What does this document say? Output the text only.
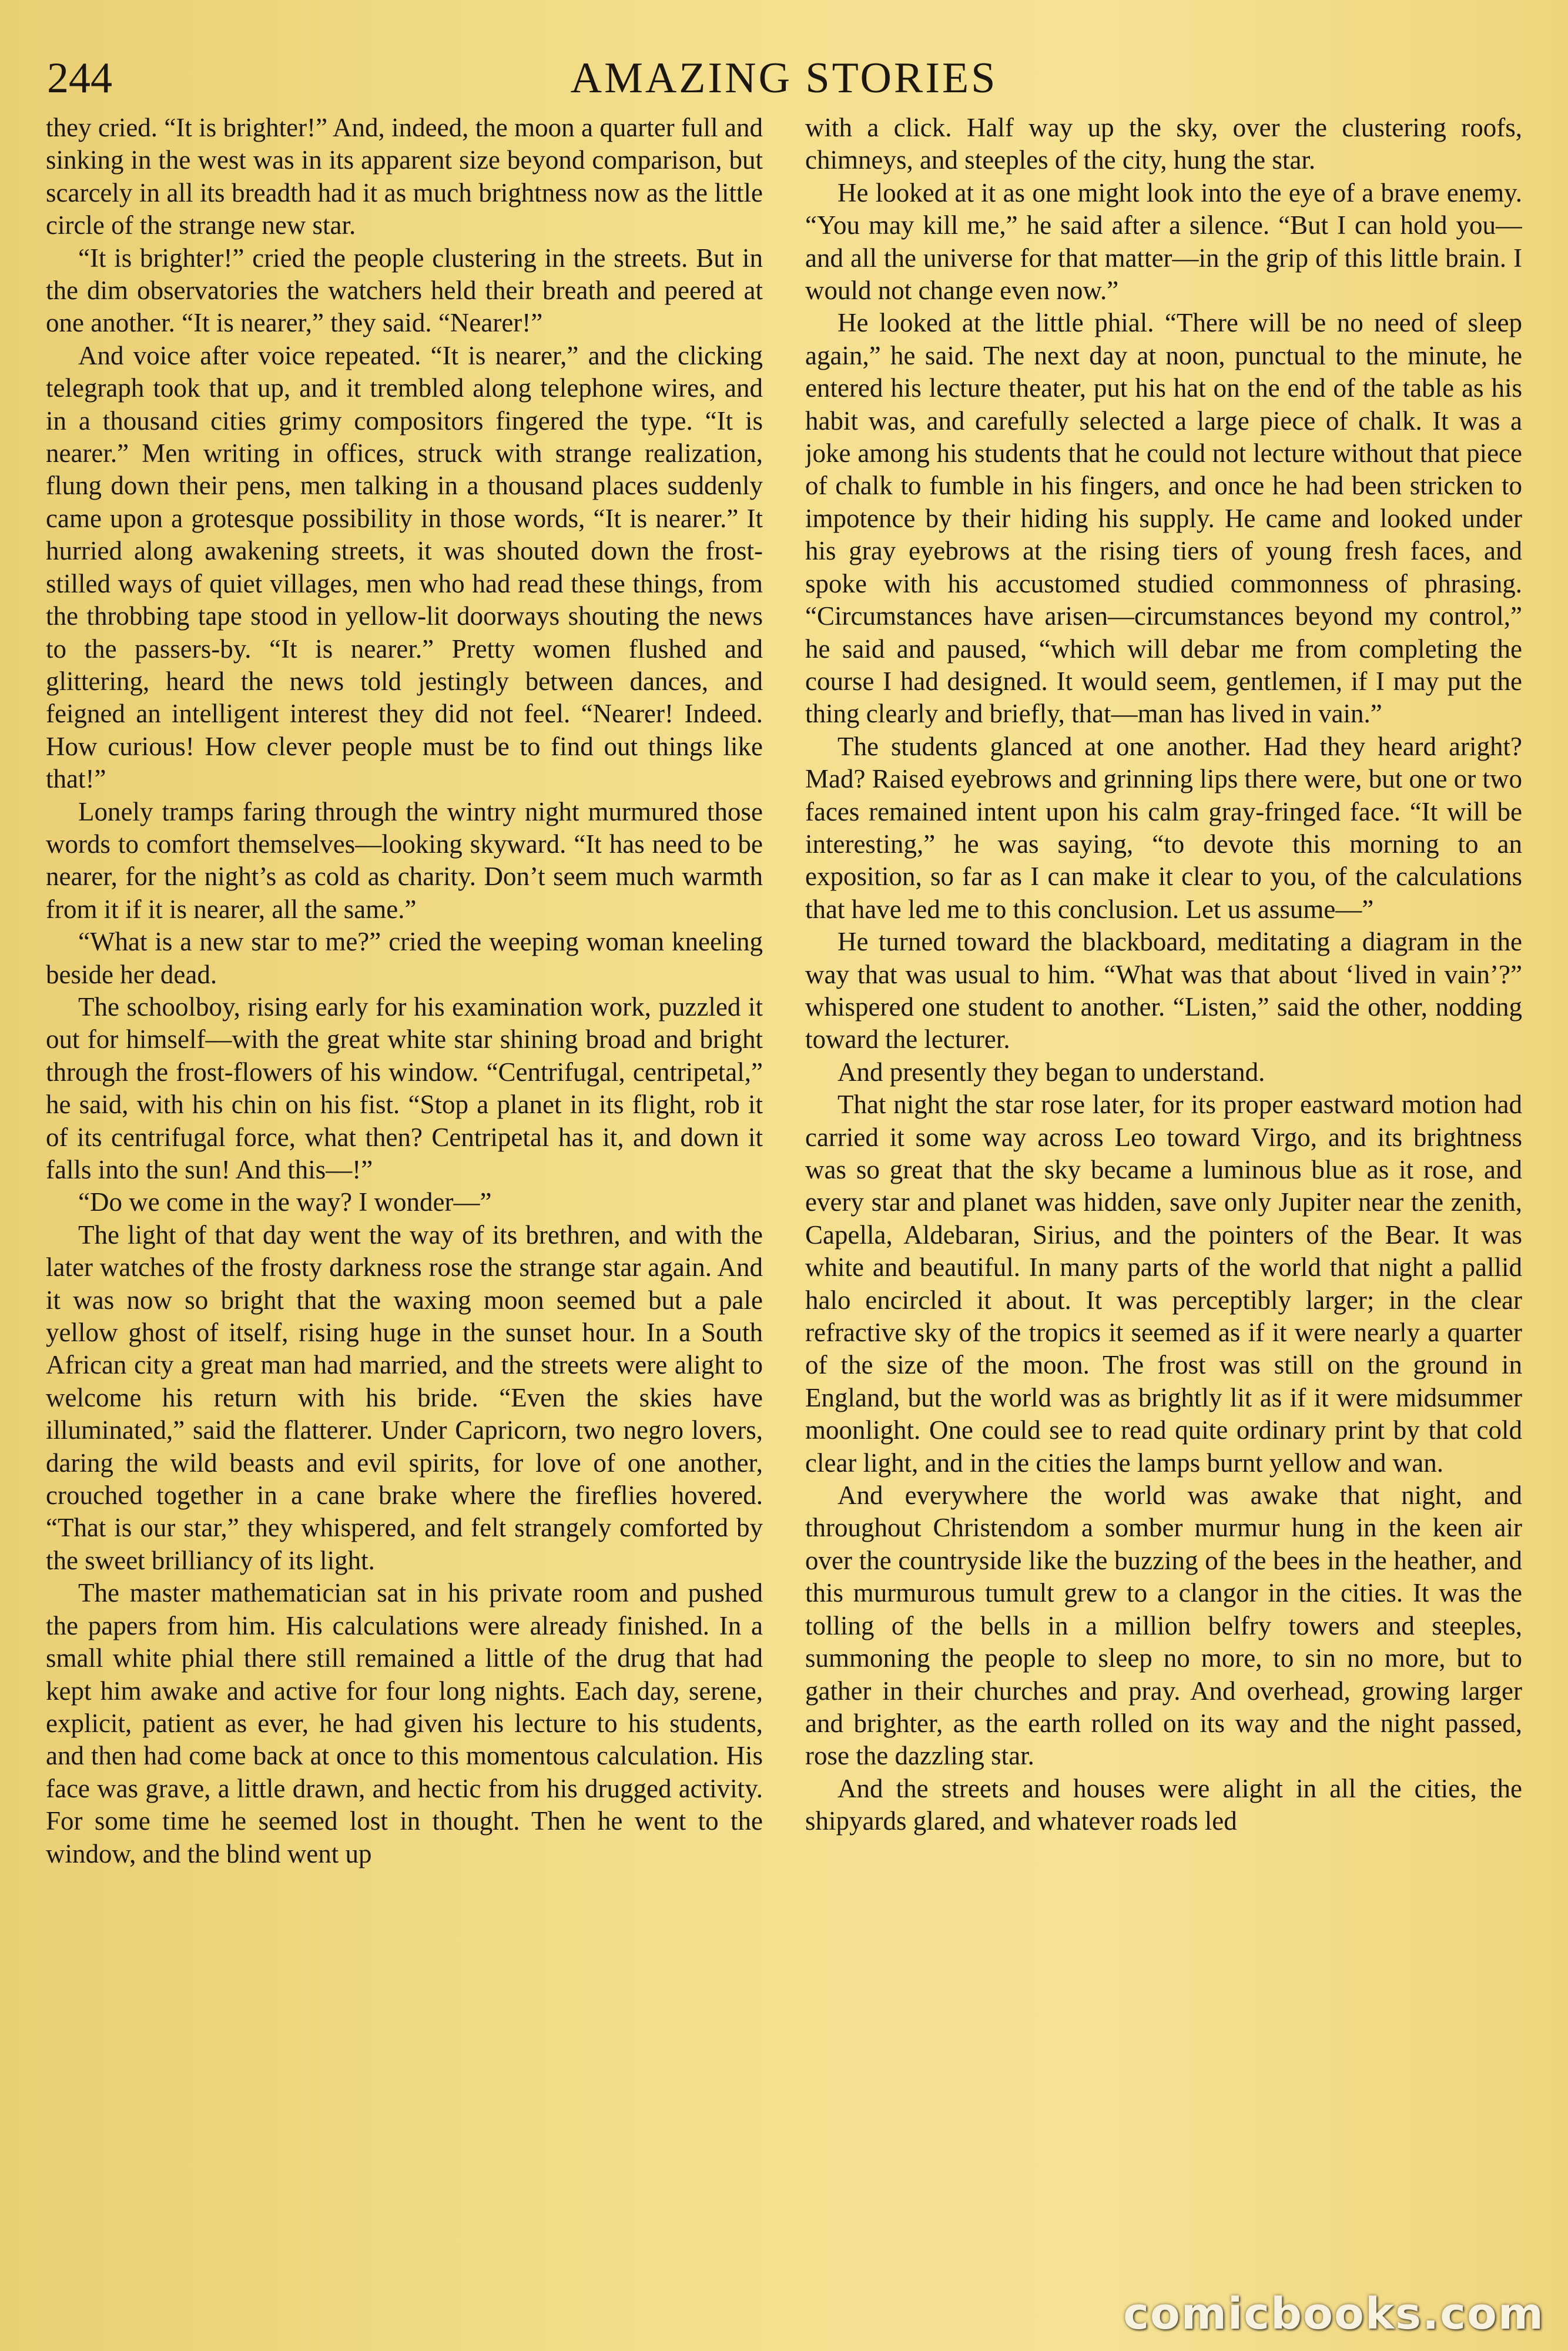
244	AMAZING STORIES

they cried. “It is brighter!” And, indeed, the moon a quarter full and sinking in the west was in its apparent size beyond comparison, but scarcely in all its breadth had it as much brightness now as the little circle of the strange new star.

“It is brighter!” cried the people clustering in the streets. But in the dim observatories the watchers held their breath and peered at one another. “It is nearer,” they said. “Nearer!”

And voice after voice repeated. “It is nearer,” and the clicking telegraph took that up, and it trembled along telephone wires, and in a thousand cities grimy compositors fingered the type. “It is nearer.” Men writing in offices, struck with strange realization, flung down their pens, men talking in a thousand places suddenly came upon a grotesque possibility in those words, “It is nearer.” It hurried along awakening streets, it was shouted down the frost-stilled ways of quiet villages, men who had read these things, from the throbbing tape stood in yellow-lit doorways shouting the news to the passers-by. “It is nearer.” Pretty women flushed and glittering, heard the news told jestingly between dances, and feigned an intelligent interest they did not feel. “Nearer! Indeed. How curious! How clever people must be to find out things like that!”

Lonely tramps faring through the wintry night murmured those words to comfort themselves—looking skyward. “It has need to be nearer, for the night’s as cold as charity. Don’t seem much warmth from it if it is nearer, all the same.”

“What is a new star to me?” cried the weeping woman kneeling beside her dead.

The schoolboy, rising early for his examination work, puzzled it out for himself—with the great white star shining broad and bright through the frost-flowers of his window. “Centrifugal, centripetal,” he said, with his chin on his fist. “Stop a planet in its flight, rob it of its centrifugal force, what then? Centripetal has it, and down it falls into the sun! And this—!”

“Do we come in the way? I wonder—”

The light of that day went the way of its brethren, and with the later watches of the frosty darkness rose the strange star again. And it was now so bright that the waxing moon seemed but a pale yellow ghost of itself, rising huge in the sunset hour. In a South African city a great man had married, and the streets were alight to welcome his return with his bride. “Even the skies have illuminated,” said the flatterer. Under Capricorn, two negro lovers, daring the wild beasts and evil spirits, for love of one another, crouched together in a cane brake where the fireflies hovered. “That is our star,” they whispered, and felt strangely comforted by the sweet brilliancy of its light.

The master mathematician sat in his private room and pushed the papers from him. His calculations were already finished. In a small white phial there still remained a little of the drug that had kept him awake and active for four long nights. Each day, serene, explicit, patient as ever, he had given his lecture to his students, and then had come back at once to this momentous calculation. His face was grave, a little drawn, and hectic from his drugged activity. For some time he seemed lost in thought. Then he went to the window, and the blind went up

with a click. Half way up the sky, over the clustering roofs, chimneys, and steeples of the city, hung the star.

He looked at it as one might look into the eye of a brave enemy. “You may kill me,” he said after a silence. “But I can hold you—and all the universe for that matter—in the grip of this little brain. I would not change even now.”

He looked at the little phial. “There will be no need of sleep again,” he said. The next day at noon, punctual to the minute, he entered his lecture theater, put his hat on the end of the table as his habit was, and carefully selected a large piece of chalk. It was a joke among his students that he could not lecture without that piece of chalk to fumble in his fingers, and once he had been stricken to impotence by their hiding his supply. He came and looked under his gray eyebrows at the rising tiers of young fresh faces, and spoke with his accustomed studied commonness of phrasing. “Circumstances have arisen—circumstances beyond my control,” he said and paused, “which will debar me from completing the course I had designed. It would seem, gentlemen, if I may put the thing clearly and briefly, that—man has lived in vain.”

The students glanced at one another. Had they heard aright? Mad? Raised eyebrows and grinning lips there were, but one or two faces remained intent upon his calm gray-fringed face. “It will be interesting,” he was saying, “to devote this morning to an exposition, so far as I can make it clear to you, of the calculations that have led me to this conclusion. Let us assume—”

He turned toward the blackboard, meditating a diagram in the way that was usual to him. “What was that about ‘lived in vain’?” whispered one student to another. “Listen,” said the other, nodding toward the lecturer.

And presently they began to understand.

That night the star rose later, for its proper eastward motion had carried it some way across Leo toward Virgo, and its brightness was so great that the sky became a luminous blue as it rose, and every star and planet was hidden, save only Jupiter near the zenith, Capella, Aldebaran, Sirius, and the pointers of the Bear. It was white and beautiful. In many parts of the world that night a pallid halo encircled it about. It was perceptibly larger; in the clear refractive sky of the tropics it seemed as if it were nearly a quarter of the size of the moon. The frost was still on the ground in England, but the world was as brightly lit as if it were midsummer moonlight. One could see to read quite ordinary print by that cold clear light, and in the cities the lamps burnt yellow and wan.

And everywhere the world was awake that night, and throughout Christendom a somber murmur hung in the keen air over the countryside like the buzzing of the bees in the heather, and this murmurous tumult grew to a clangor in the cities. It was the tolling of the bells in a million belfry towers and steeples, summoning the people to sleep no more, to sin no more, but to gather in their churches and pray. And overhead, growing larger and brighter, as the earth rolled on its way and the night passed, rose the dazzling star.

And the streets and houses were alight in all the cities, the shipyards glared, and whatever roads led

comicbooks.com
